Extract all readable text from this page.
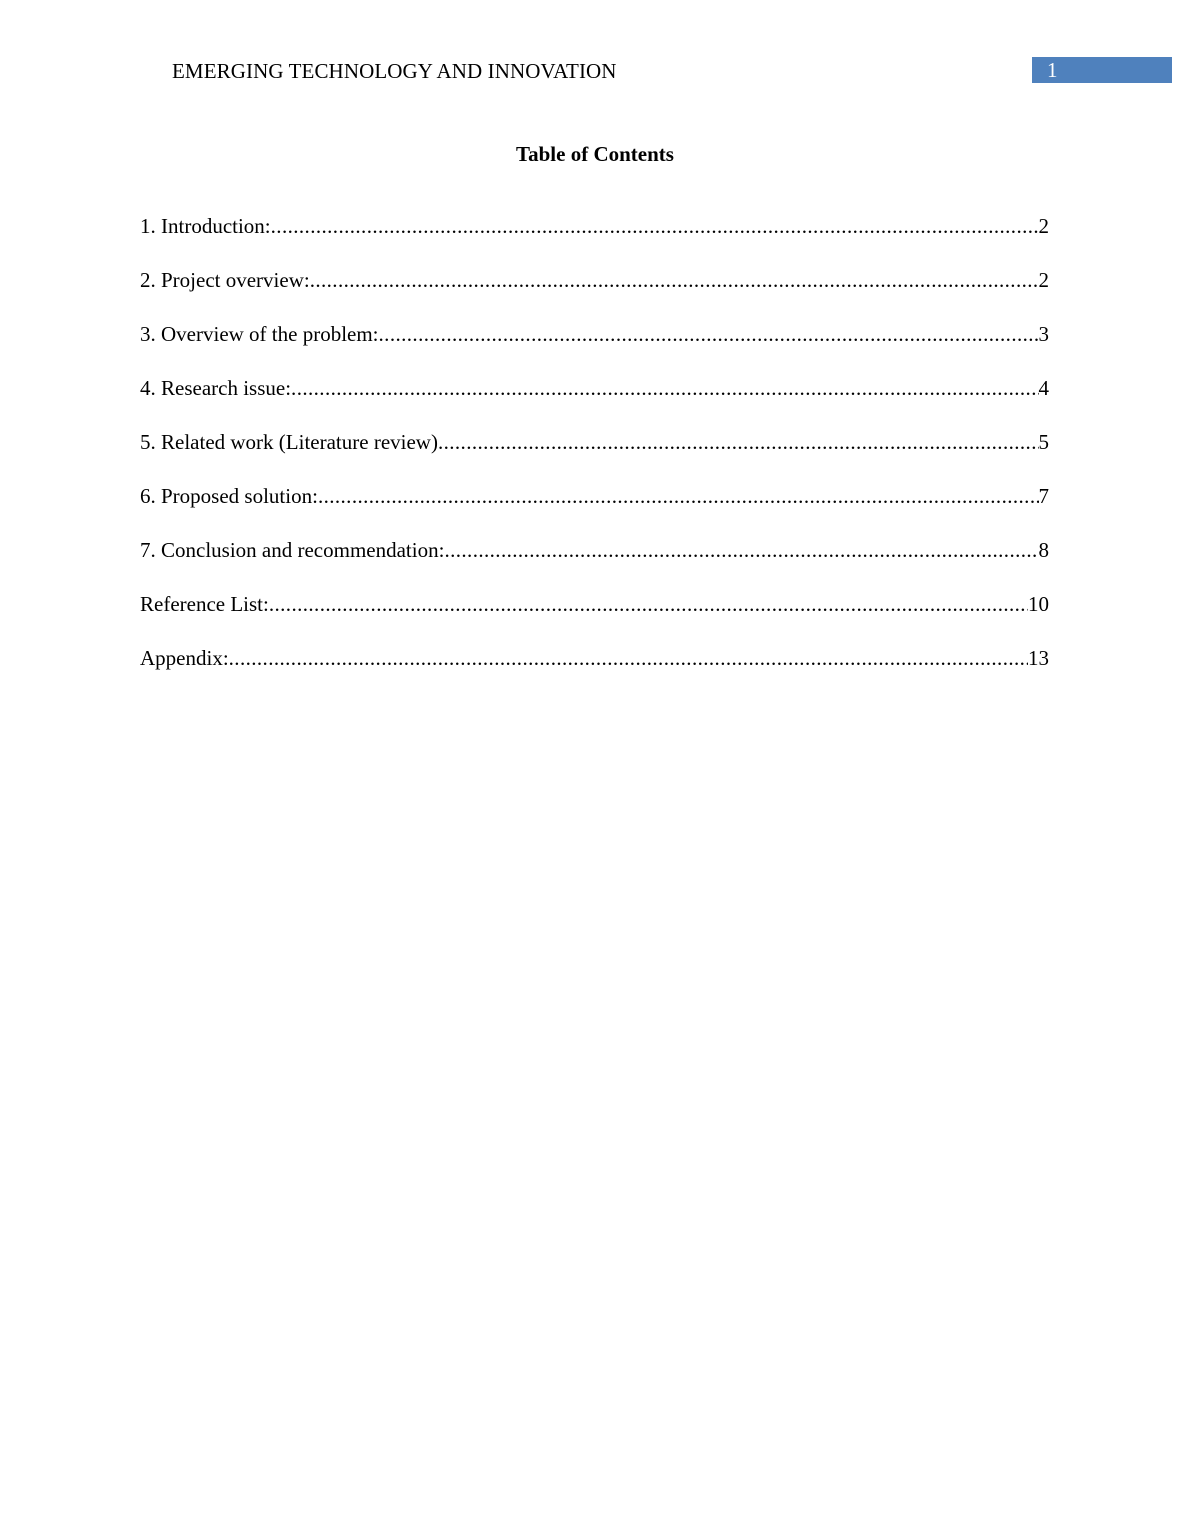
EMERGING TECHNOLOGY AND INNOVATION	1
Table of Contents
1. Introduction: .....	2
2. Project overview: .....	2
3. Overview of the problem: .....	3
4. Research issue: .....	4
5. Related work (Literature review) .....	5
6. Proposed solution: .....	7
7. Conclusion and recommendation: .....	8
Reference List: .....	10
Appendix: .....	13
